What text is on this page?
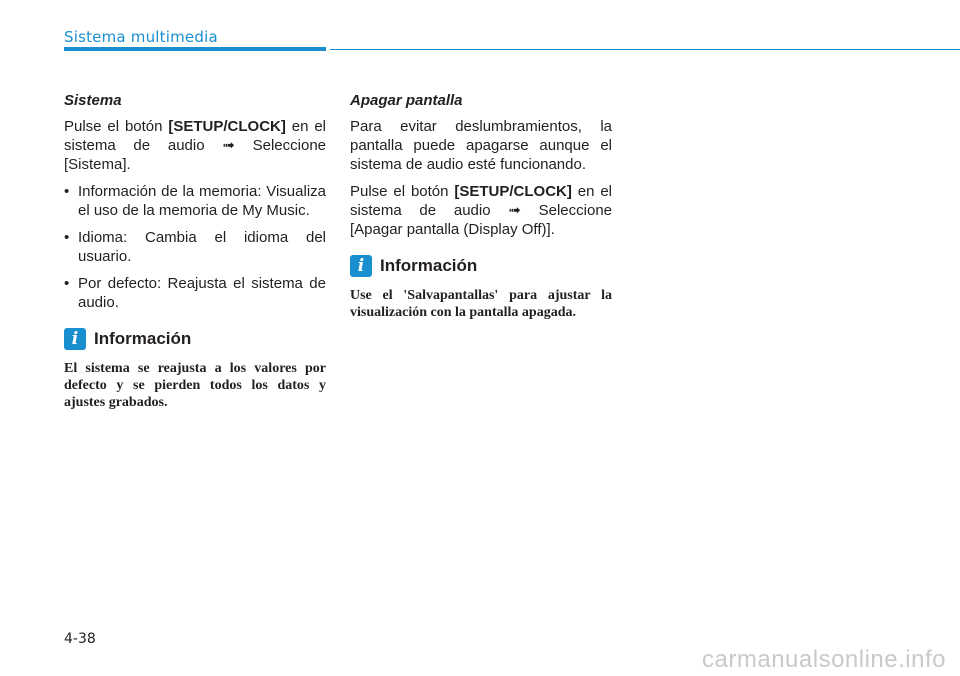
Sistema multimedia
Sistema

Pulse el botón [SETUP/CLOCK] en el sistema de audio ➟ Seleccione [Sistema].

• Información de la memoria: Visualiza el uso de la memoria de My Music.
• Idioma: Cambia el idioma del usuario.
• Por defecto: Reajusta el sistema de audio.
i Información

El sistema se reajusta a los valores por defecto y se pierden todos los datos y ajustes grabados.

Apagar pantalla

Para evitar deslumbramientos, la pantalla puede apagarse aunque el sistema de audio esté funcionando.

Pulse el botón [SETUP/CLOCK] en el sistema de audio ➟ Seleccione [Apagar pantalla (Display Off)].

i Información

Use el 'Salvapantallas' para ajustar la visualización con la pantalla apagada.

4-38
carmanualsonline.info
